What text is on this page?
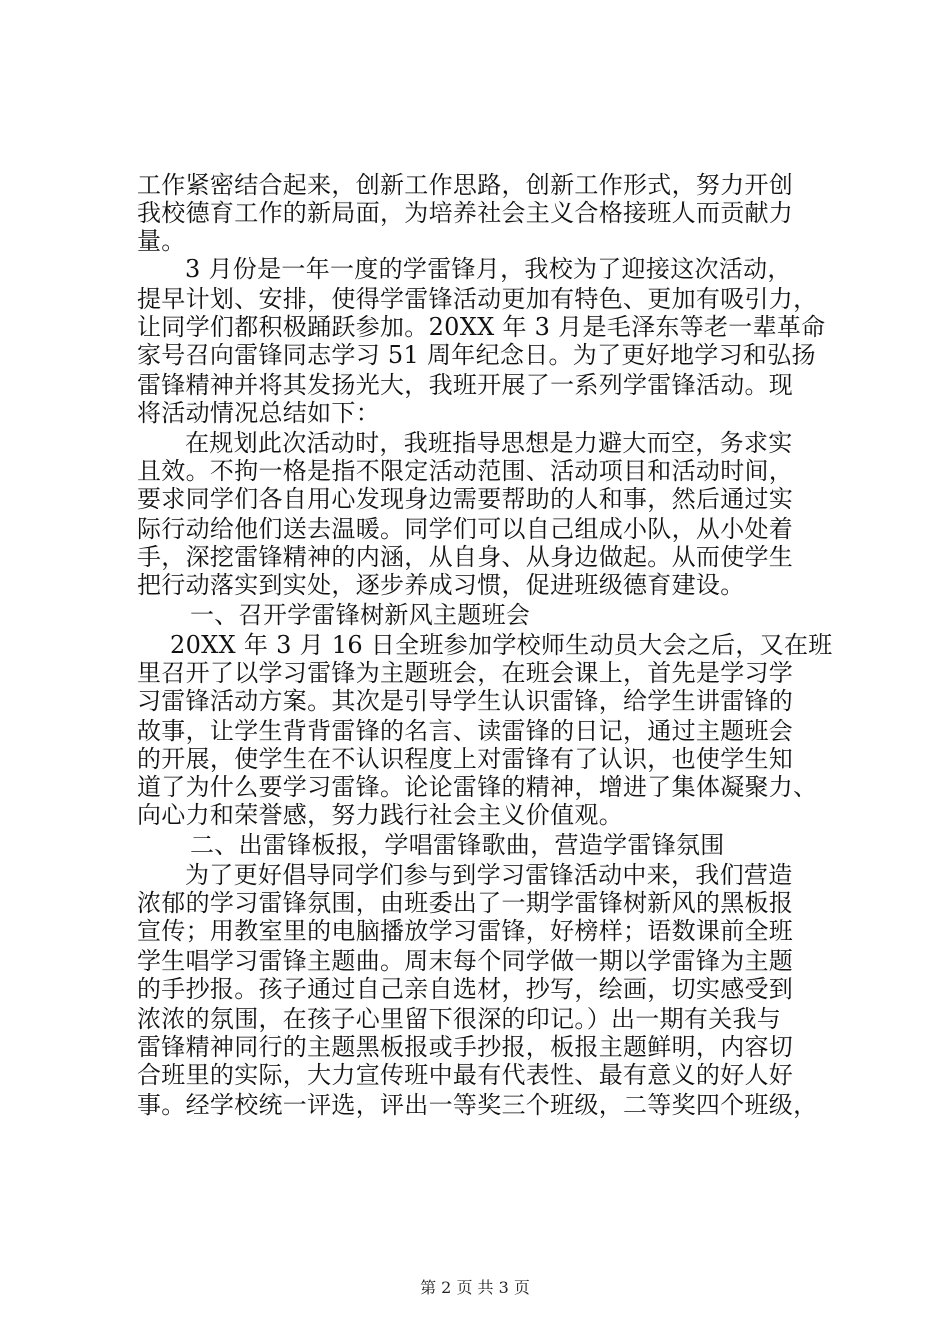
工作紧密结合起来，创新工作思路，创新工作形式，努力开创
我校德育工作的新局面，为培养社会主义合格接班人而贡献力
量。
3 月份是一年一度的学雷锋月，我校为了迎接这次活动，
提早计划、安排，使得学雷锋活动更加有特色、更加有吸引力，
让同学们都积极踊跃参加。20XX 年 3 月是毛泽东等老一辈革命
家号召向雷锋同志学习 51 周年纪念日。为了更好地学习和弘扬
雷锋精神并将其发扬光大，我班开展了一系列学雷锋活动。现
将活动情况总结如下：
在规划此次活动时，我班指导思想是力避大而空，务求实
且效。不拘一格是指不限定活动范围、活动项目和活动时间，
要求同学们各自用心发现身边需要帮助的人和事，然后通过实
际行动给他们送去温暖。同学们可以自己组成小队，从小处着
手，深挖雷锋精神的内涵，从自身、从身边做起。从而使学生
把行动落实到实处，逐步养成习惯，促进班级德育建设。
一、召开学雷锋树新风主题班会
20XX 年 3 月 16 日全班参加学校师生动员大会之后，又在班
里召开了以学习雷锋为主题班会，在班会课上，首先是学习学
习雷锋活动方案。其次是引导学生认识雷锋，给学生讲雷锋的
故事，让学生背背雷锋的名言、读雷锋的日记，通过主题班会
的开展，使学生在不认识程度上对雷锋有了认识，也使学生知
道了为什么要学习雷锋。论论雷锋的精神，增进了集体凝聚力、
向心力和荣誉感，努力践行社会主义价值观。
二、出雷锋板报，学唱雷锋歌曲，营造学雷锋氛围
为了更好倡导同学们参与到学习雷锋活动中来，我们营造
浓郁的学习雷锋氛围，由班委出了一期学雷锋树新风的黑板报
宣传；用教室里的电脑播放学习雷锋，好榜样；语数课前全班
学生唱学习雷锋主题曲。周末每个同学做一期以学雷锋为主题
的手抄报。孩子通过自己亲自选材，抄写，绘画，切实感受到
浓浓的氛围，在孩子心里留下很深的印记。）出一期有关我与
雷锋精神同行的主题黑板报或手抄报，板报主题鲜明，内容切
合班里的实际，大力宣传班中最有代表性、最有意义的好人好
事。经学校统一评选，评出一等奖三个班级，二等奖四个班级，
第 2 页 共 3 页
